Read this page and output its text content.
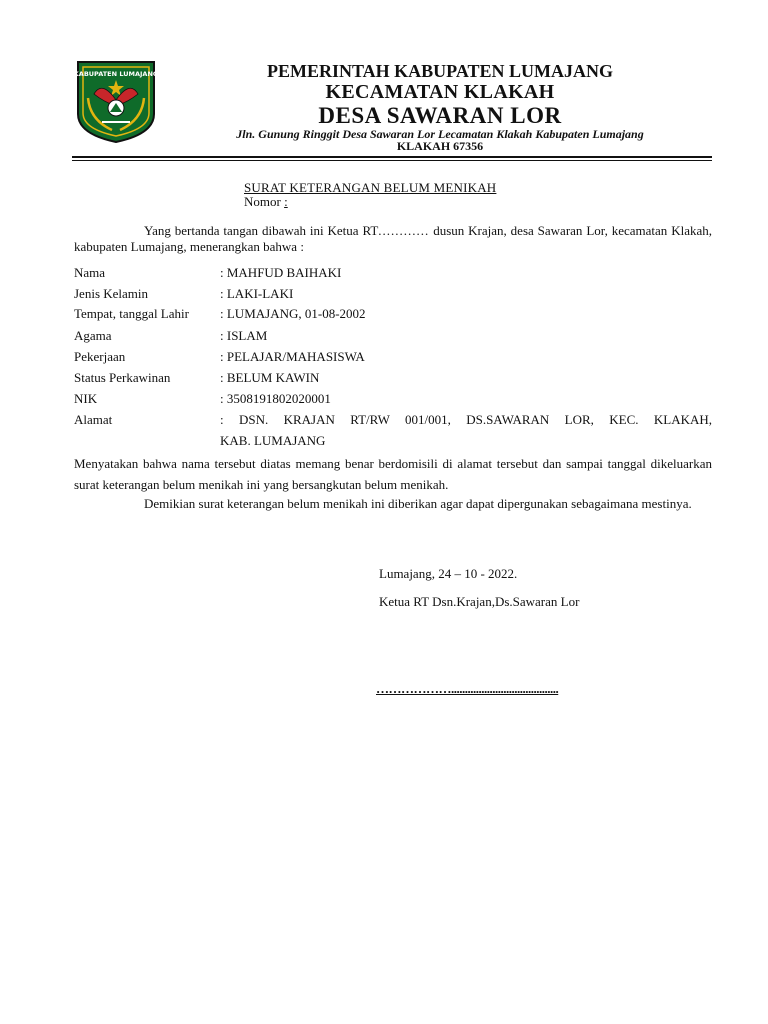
KABUPATEN LUMAJANG	PEMERINTAH KABUPATEN LUMAJANG
KECAMATAN KLAKAH
DESA SAWARAN LOR
Jln. Gunung Ringgit Desa Sawaran Lor Lecamatan Klakah Kabupaten Lumajang
KLAKAH 67356
SURAT KETERANGAN BELUM MENIKAH
Nomor :
Yang bertanda tangan dibawah ini Ketua RT............ dusun Krajan, desa Sawaran Lor, kecamatan Klakah, kabupaten Lumajang, menerangkan bahwa :
Nama	: MAHFUD BAIHAKI
Jenis Kelamin	: LAKI-LAKI
Tempat, tanggal Lahir : LUMAJANG, 01-08-2002
Agama	: ISLAM
Pekerjaan	: PELAJAR/MAHASISWA
Status Perkawinan	: BELUM KAWIN
NIK	: 3508191802020001
Alamat	: DSN. KRAJAN RT/RW 001/001, DS.SAWARAN LOR, KEC. KLAKAH,
KAB. LUMAJANG
Menyatakan bahwa nama tersebut diatas memang benar berdomisili di alamat tersebut dan sampai tanggal dikeluarkan surat keterangan belum menikah ini yang bersangkutan belum menikah.
Demikian surat keterangan belum menikah ini diberikan agar dapat dipergunakan sebagaimana mestinya.
Lumajang, 24 – 10 - 2022.
Ketua RT Dsn.Krajan,Ds.Sawaran Lor
……………….......................................
